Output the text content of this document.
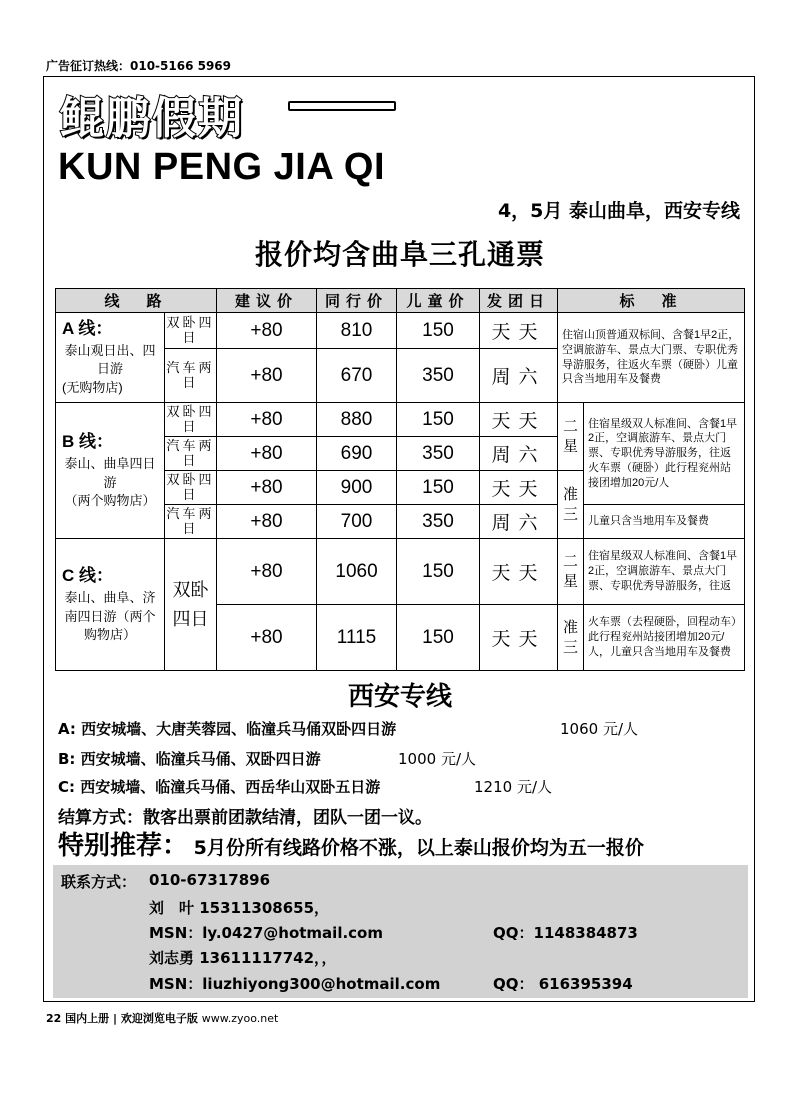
广告征订热线：010-5166 5969
鲲鹏假期
KUN PENG JIA QI
4，5月 泰山曲阜，西安专线
报价均含曲阜三孔通票
线　路		建议价	同行价	儿童价	发团日	标　准	

A 线：
泰山观日出、四日游
(无购物店)	双卧四日	+80	810	150	天天	住宿山顶普通双标间、含餐1早2正，空调旅游车、景点大门票、专职优秀导游服务，往返火车票（硬卧）儿童只含当地用车及餐费	
	汽车两日	+80	670	350	周六		

B 线：
泰山、曲阜四日游
（两个购物店）	双卧四日	+80	880	150	天天	二星	住宿星级双人标准间、含餐1早2正，空调旅游车、景点大门票、专职优秀导游服务，往返火车票（硬卧）此行程兖州站接团增加20元/人
	汽车两日	+80	690	350	周六		
	双卧四日	+80	900	150	天天	准三	
	汽车两日	+80	700	350	周六		儿童只含当地用车及餐费

C 线：
泰山、曲阜、济南四日游（两个购物店）	双卧四日	+80	1060	150	天天	二星	住宿星级双人标准间、含餐1早2正，空调旅游车、景点大门票、专职优秀导游服务，往返
		+80	1115	150	天天	准三	火车票（去程硬卧，回程动车）此行程兖州站接团增加20元/人，儿童只含当地用车及餐费
西安专线
A: 西安城墙、大唐芙蓉园、临潼兵马俑双卧四日游	1060 元/人
B: 西安城墙、临潼兵马俑、双卧四日游	1000 元/人
C: 西安城墙、临潼兵马俑、西岳华山双卧五日游	1210 元/人
结算方式：散客出票前团款结清，团队一团一议。
特别推荐： 5月份所有线路价格不涨，以上泰山报价均为五一报价
联系方式： 010-67317896
刘　叶 15311308655，
MSN：ly.0427@hotmail.com	QQ：1148384873
刘志勇 13611117742，，
MSN：liuzhiyong300@hotmail.com	QQ： 616395394
22 国内上册 | 欢迎浏览电子版 www.zyoo.net
